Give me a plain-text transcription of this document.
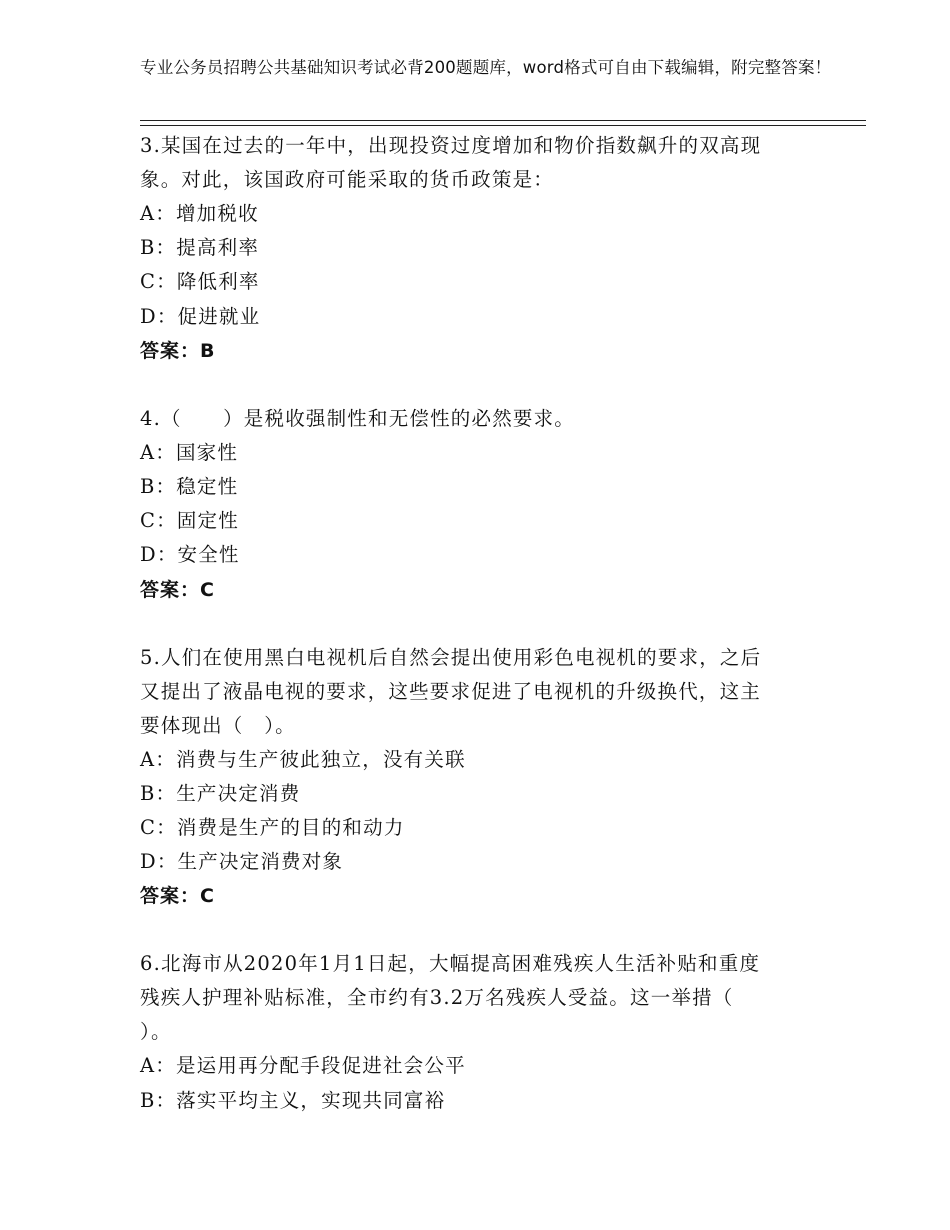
专业公务员招聘公共基础知识考试必背200题题库，word格式可自由下载编辑，附完整答案！

3.某国在过去的一年中，出现投资过度增加和物价指数飙升的双高现

象。对此，该国政府可能采取的货币政策是：

A：增加税收

B：提高利率

C：降低利率

D：促进就业

答案：B

4.（　　）是税收强制性和无偿性的必然要求。

A：国家性

B：稳定性

C：固定性

D：安全性

答案：C

5.人们在使用黑白电视机后自然会提出使用彩色电视机的要求，之后

又提出了液晶电视的要求，这些要求促进了电视机的升级换代，这主

要体现出（　）。

A：消费与生产彼此独立，没有关联

B：生产决定消费

C：消费是生产的目的和动力

D：生产决定消费对象

答案：C

6.北海市从2020年1月1日起，大幅提高困难残疾人生活补贴和重度

残疾人护理补贴标准，全市约有3.2万名残疾人受益。这一举措（

）。

A：是运用再分配手段促进社会公平

B：落实平均主义，实现共同富裕
